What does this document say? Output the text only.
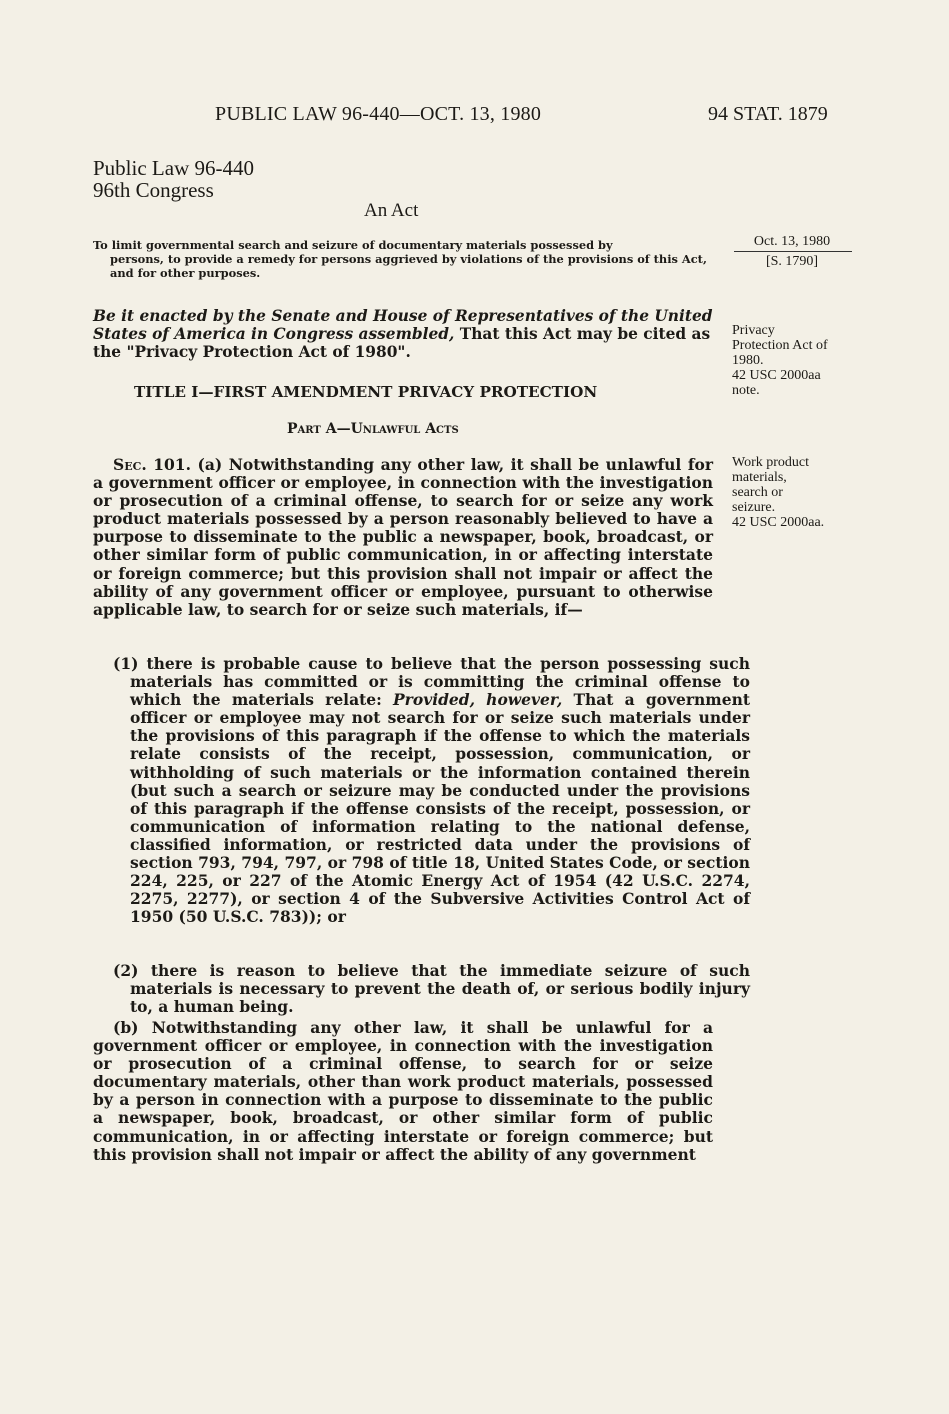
PUBLIC LAW 96-440—OCT. 13, 1980	94 STAT. 1879
Public Law 96-440
96th Congress
An Act
To limit governmental search and seizure of documentary materials possessed by
persons, to provide a remedy for persons aggrieved by violations of the provisions of this Act, and for other purposes.
Oct. 13, 1980
[S. 1790]
Be it enacted by the Senate and House of Representatives of the United States of America in Congress assembled, That this Act may be cited as the "Privacy Protection Act of 1980".
Privacy
Protection Act of
1980.
42 USC 2000aa
note.
TITLE I—FIRST AMENDMENT PRIVACY PROTECTION
Part A—Unlawful Acts
Work product
materials,
search or
seizure.
42 USC 2000aa.
Sec. 101. (a) Notwithstanding any other law, it shall be unlawful for a government officer or employee, in connection with the investigation or prosecution of a criminal offense, to search for or seize any work product materials possessed by a person reasonably believed to have a purpose to disseminate to the public a newspaper, book, broadcast, or other similar form of public communication, in or affecting interstate or foreign commerce; but this provision shall not impair or affect the ability of any government officer or employee, pursuant to otherwise applicable law, to search for or seize such materials, if—
(1) there is probable cause to believe that the person possessing such materials has committed or is committing the criminal offense to which the materials relate: Provided, however, That a government officer or employee may not search for or seize such materials under the provisions of this paragraph if the offense to which the materials relate consists of the receipt, possession, communication, or withholding of such materials or the information contained therein (but such a search or seizure may be conducted under the provisions of this paragraph if the offense consists of the receipt, possession, or communication of information relating to the national defense, classified information, or restricted data under the provisions of section 793, 794, 797, or 798 of title 18, United States Code, or section 224, 225, or 227 of the Atomic Energy Act of 1954 (42 U.S.C. 2274, 2275, 2277), or section 4 of the Subversive Activities Control Act of 1950 (50 U.S.C. 783)); or
(2) there is reason to believe that the immediate seizure of such materials is necessary to prevent the death of, or serious bodily injury to, a human being.
(b) Notwithstanding any other law, it shall be unlawful for a government officer or employee, in connection with the investigation or prosecution of a criminal offense, to search for or seize documentary materials, other than work product materials, possessed by a person in connection with a purpose to disseminate to the public a newspaper, book, broadcast, or other similar form of public communication, in or affecting interstate or foreign commerce; but this provision shall not impair or affect the ability of any government
